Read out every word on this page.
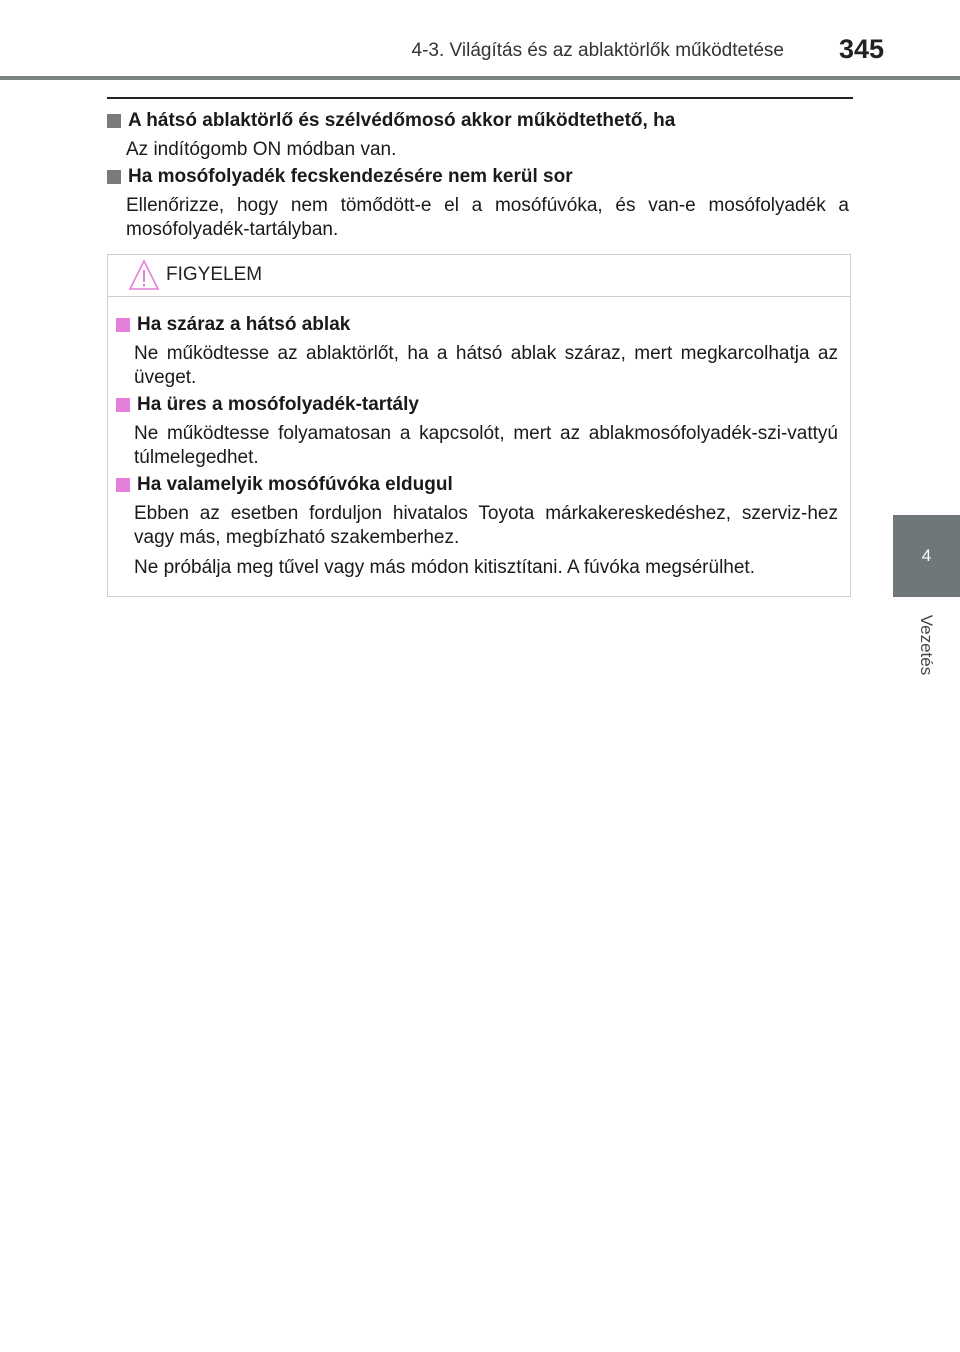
4-3. Világítás és az ablaktörlők működtetése 345
4
Vezetés
A hátsó ablaktörlő és szélvédőmosó akkor működtethető, ha
Az indítógomb ON módban van.
Ha mosófolyadék fecskendezésére nem kerül sor
Ellenőrizze, hogy nem tömődött-e el a mosófúvóka, és van-e mosófolyadék a mosófolyadék-tartályban.
FIGYELEM
Ha száraz a hátsó ablak
Ne működtesse az ablaktörlőt, ha a hátsó ablak száraz, mert megkarcolhatja az üveget.
Ha üres a mosófolyadék-tartály
Ne működtesse folyamatosan a kapcsolót, mert az ablakmosófolyadék-szi-vattyú túlmelegedhet.
Ha valamelyik mosófúvóka eldugul
Ebben az esetben forduljon hivatalos Toyota márkakereskedéshez, szerviz-hez vagy más, megbízható szakemberhez.
Ne próbálja meg tűvel vagy más módon kitisztítani. A fúvóka megsérülhet.
